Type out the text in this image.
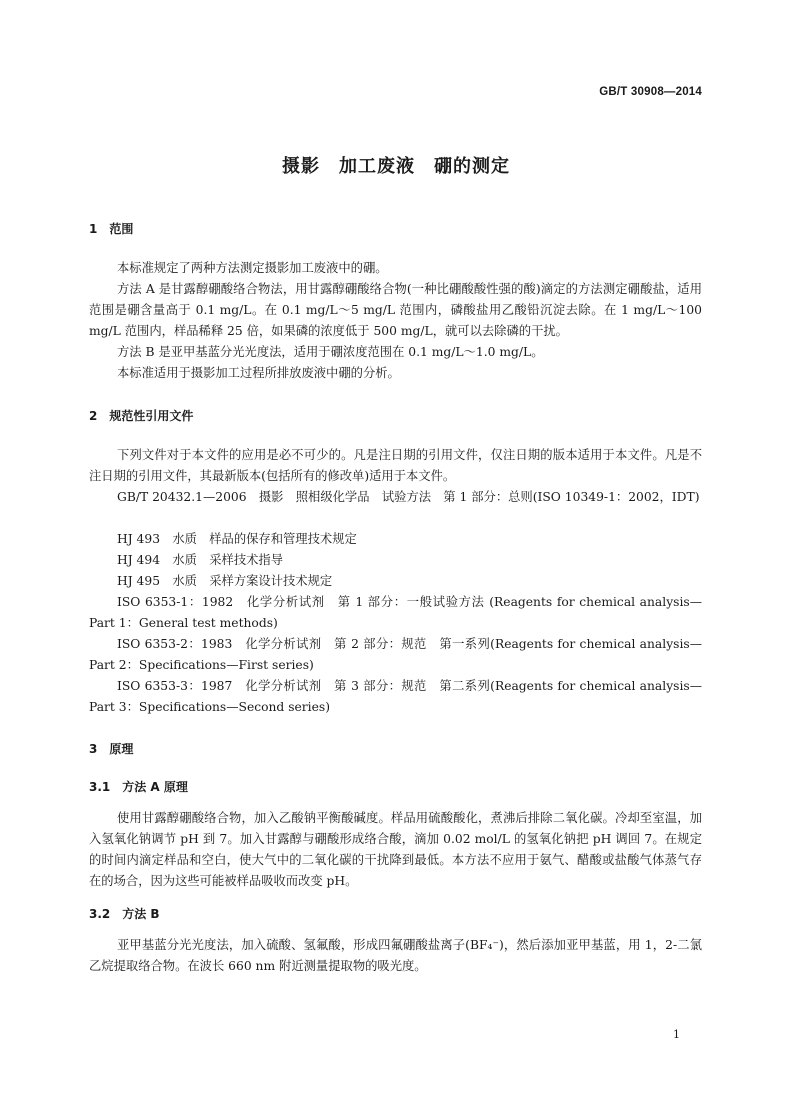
GB/T 30908—2014
摄影　加工废液　硼的测定
1　范围
本标准规定了两种方法测定摄影加工废液中的硼。
方法 A 是甘露醇硼酸络合物法，用甘露醇硼酸络合物(一种比硼酸酸性强的酸)滴定的方法测定硼酸盐，适用范围是硼含量高于 0.1 mg/L。在 0.1 mg/L～5 mg/L 范围内，磷酸盐用乙酸铅沉淀去除。在 1 mg/L～100 mg/L 范围内，样品稀释 25 倍，如果磷的浓度低于 500 mg/L，就可以去除磷的干扰。
方法 B 是亚甲基蓝分光光度法，适用于硼浓度范围在 0.1 mg/L～1.0 mg/L。
本标准适用于摄影加工过程所排放废液中硼的分析。
2　规范性引用文件
下列文件对于本文件的应用是必不可少的。凡是注日期的引用文件，仅注日期的版本适用于本文件。凡是不注日期的引用文件，其最新版本(包括所有的修改单)适用于本文件。
GB/T 20432.1—2006　摄影　照相级化学品　试验方法　第 1 部分：总则(ISO 10349-1：2002，IDT)
HJ 493　水质　样品的保存和管理技术规定
HJ 494　水质　采样技术指导
HJ 495　水质　采样方案设计技术规定
ISO 6353-1：1982　化学分析试剂　第 1 部分：一般试验方法 (Reagents for chemical analysis—Part 1：General test methods)
ISO 6353-2：1983　化学分析试剂　第 2 部分：规范　第一系列(Reagents for chemical analysis—Part 2：Specifications—First series)
ISO 6353-3：1987　化学分析试剂　第 3 部分：规范　第二系列(Reagents for chemical analysis—Part 3：Specifications—Second series)
3　原理
3.1　方法 A 原理
使用甘露醇硼酸络合物，加入乙酸钠平衡酸碱度。样品用硫酸酸化，煮沸后排除二氧化碳。冷却至室温，加入氢氧化钠调节 pH 到 7。加入甘露醇与硼酸形成络合酸，滴加 0.02 mol/L 的氢氧化钠把 pH 调回 7。在规定的时间内滴定样品和空白，使大气中的二氧化碳的干扰降到最低。本方法不应用于氨气、醋酸或盐酸气体蒸气存在的场合，因为这些可能被样品吸收而改变 pH。
3.2　方法 B
亚甲基蓝分光光度法，加入硫酸、氢氟酸，形成四氟硼酸盐离子(BF₄⁻)，然后添加亚甲基蓝，用 1，2-二氯乙烷提取络合物。在波长 660 nm 附近测量提取物的吸光度。
1
